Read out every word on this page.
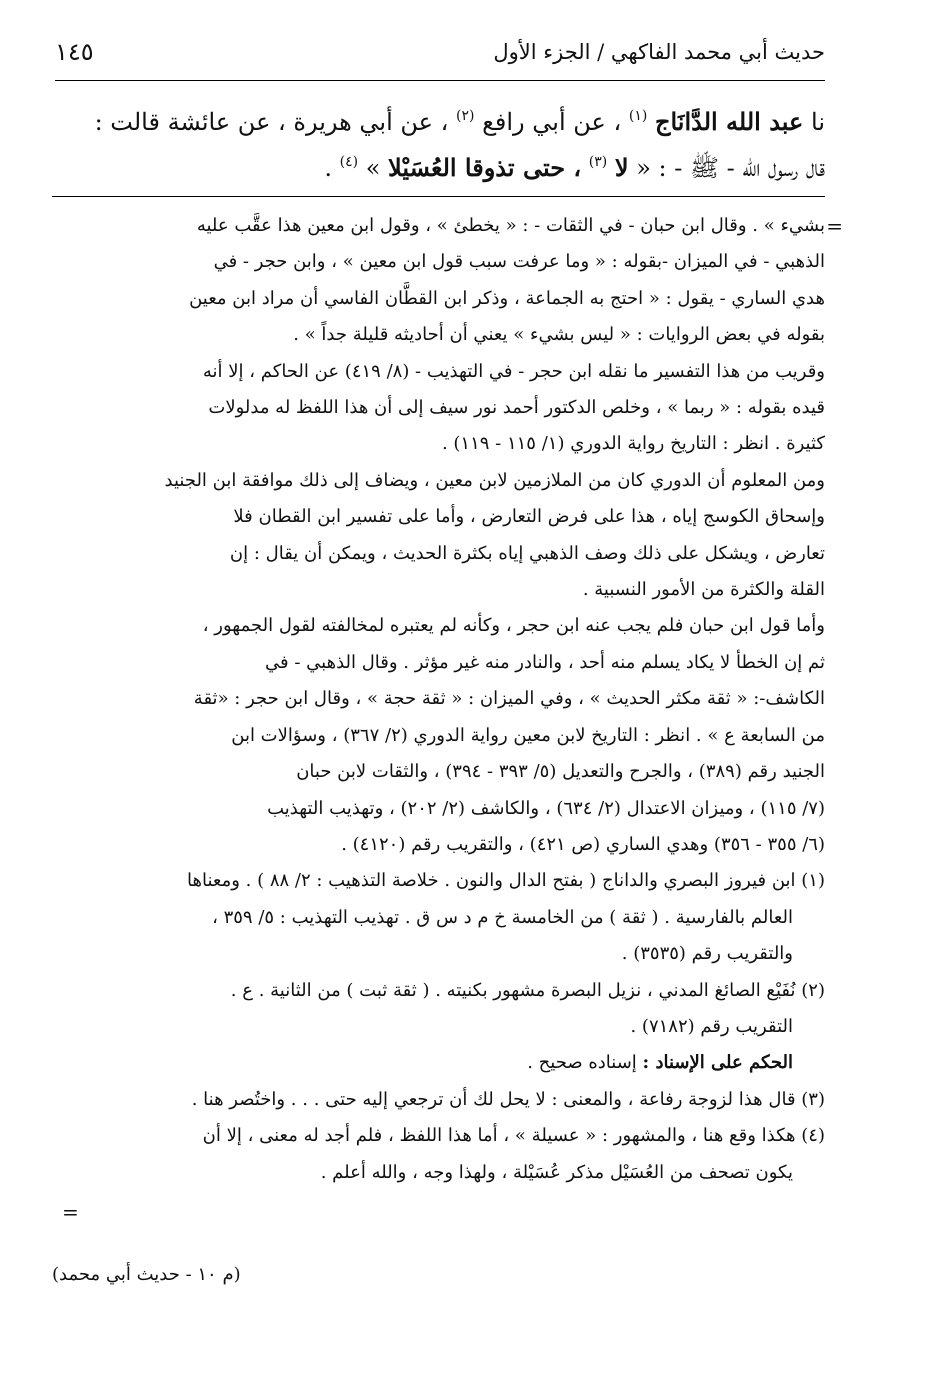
حديث أبي محمد الفاكهي / الجزء الأول
١٤٥
نا عبد الله الدَّانَاج $^{(١)}$ ، عن أبي رافع $^{(٢)}$ ، عن أبي هريرة ، عن عائشة قالت :
قال رسول الله - ﷺ - : « لا $^{(٣)}$ ، حتى تذوقا العُسَيْلا » $^{(٤)}$ .
=
بشيء » . وقال ابن حبان - في الثقات - : « يخطئ » ، وقول ابن معين هذا عقَّب عليه
الذهبي - في الميزان -بقوله : « وما عرفت سبب قول ابن معين » ، وابن حجر - في
هدي الساري - يقول : « احتج به الجماعة ، وذكر ابن القطَّان الفاسي أن مراد ابن معين
بقوله في بعض الروايات : « ليس بشيء » يعني أن أحاديثه قليلة جداً » .
وقريب من هذا التفسير ما نقله ابن حجر - في التهذيب - (٨/ ٤١٩) عن الحاكم ، إلا أنه
قيده بقوله : « ربما » ، وخلص الدكتور أحمد نور سيف إلى أن هذا اللفظ له مدلولات
كثيرة . انظر : التاريخ رواية الدوري (١/ ١١٥ - ١١٩) .
ومن المعلوم أن الدوري كان من الملازمين لابن معين ، ويضاف إلى ذلك موافقة ابن الجنيد
وإسحاق الكوسج إياه ، هذا على فرض التعارض ، وأما على تفسير ابن القطان فلا
تعارض ، ويشكل على ذلك وصف الذهبي إياه بكثرة الحديث ، ويمكن أن يقال : إن
القلة والكثرة من الأمور النسبية .
وأما قول ابن حبان فلم يجب عنه ابن حجر ، وكأنه لم يعتبره لمخالفته لقول الجمهور ،
ثم إن الخطأ لا يكاد يسلم منه أحد ، والنادر منه غير مؤثر . وقال الذهبي - في
الكاشف-: « ثقة مكثر الحديث » ، وفي الميزان : « ثقة حجة » ، وقال ابن حجر : «ثقة
من السابعة ع » . انظر : التاريخ لابن معين رواية الدوري (٢/ ٣٦٧) ، وسؤالات ابن
الجنيد رقم (٣٨٩) ، والجرح والتعديل (٥/ ٣٩٣ - ٣٩٤) ، والثقات لابن حبان
(٧/ ١١٥) ، وميزان الاعتدال (٢/ ٦٣٤) ، والكاشف (٢/ ٢٠٢) ، وتهذيب التهذيب
(٦/ ٣٥٥ - ٣٥٦) وهدي الساري (ص ٤٢١) ، والتقريب رقم (٤١٢٠) .
(١) ابن فيروز البصري والداناج ( بفتح الدال والنون . خلاصة التذهيب : ٢/ ٨٨ ) . ومعناها
العالم بالفارسية . ( ثقة ) من الخامسة خ م د س ق . تهذيب التهذيب : ٥/ ٣٥٩ ،
والتقريب رقم (٣٥٣٥) .
(٢) نُفَيْع الصائغ المدني ، نزيل البصرة مشهور بكنيته . ( ثقة ثبت ) من الثانية . ع .
التقريب رقم (٧١٨٢) .
الحكم على الإسناد : إسناده صحيح .
(٣) قال هذا لزوجة رفاعة ، والمعنى : لا يحل لك أن ترجعي إليه حتى . . . واختُصر هنا .
(٤) هكذا وقع هنا ، والمشهور : « عسيلة » ، أما هذا اللفظ ، فلم أجد له معنى ، إلا أن
يكون تصحف من العُسَيْل مذكر عُسَيْلة ، ولهذا وجه ، والله أعلم .
=
(م ١٠ - حديث أبي محمد)
